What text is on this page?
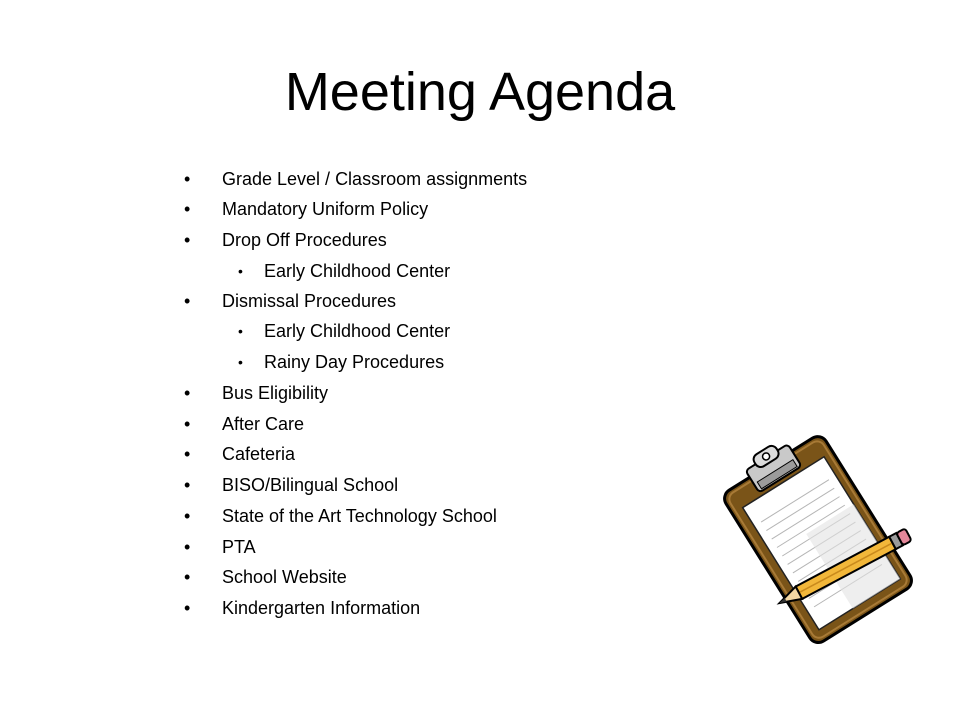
Meeting Agenda
• Grade Level / Classroom assignments
• Mandatory Uniform Policy
• Drop Off Procedures
• Early Childhood Center
• Dismissal Procedures
• Early Childhood Center
• Rainy Day Procedures
• Bus Eligibility
• After Care
• Cafeteria
• BISO/Bilingual School
• State of the Art Technology School
• PTA
• School Website
• Kindergarten Information
